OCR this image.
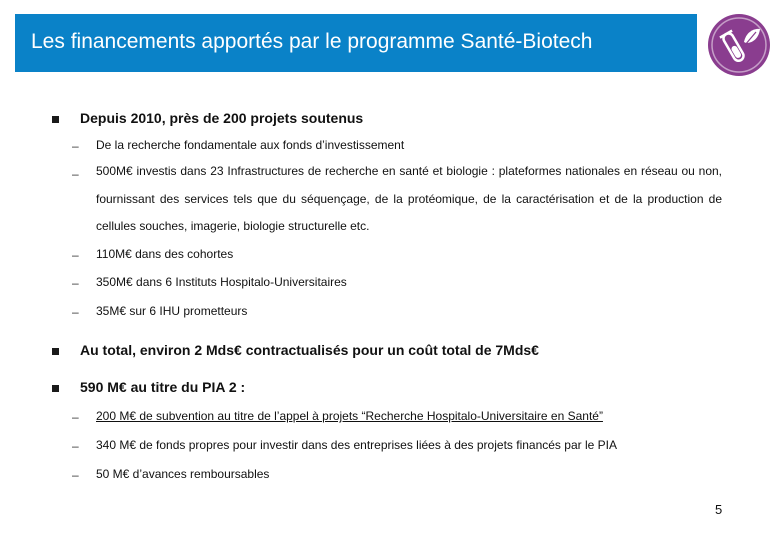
Les financements apportés par le programme Santé-Biotech
Depuis 2010, près de 200 projets soutenus
– De la recherche fondamentale aux fonds d’investissement
– 500M€ investis dans 23 Infrastructures de recherche en santé et biologie : plateformes nationales en réseau ou non, fournissant des services tels que du séquençage, de la protéomique, de la caractérisation et de la production de cellules souches, imagerie, biologie structurelle etc.
– 110M€ dans des cohortes
– 350M€ dans 6 Instituts Hospitalo-Universitaires
– 35M€ sur 6 IHU prometteurs
Au total, environ 2 Mds€ contractualisés pour un coût total de 7Mds€
590 M€ au titre du PIA 2 :
– 200 M€ de subvention au titre de l’appel à projets “Recherche Hospitalo-Universitaire en Santé”
– 340 M€ de fonds propres pour investir dans des entreprises liées à des projets financés par le PIA
– 50 M€ d’avances remboursables
5
